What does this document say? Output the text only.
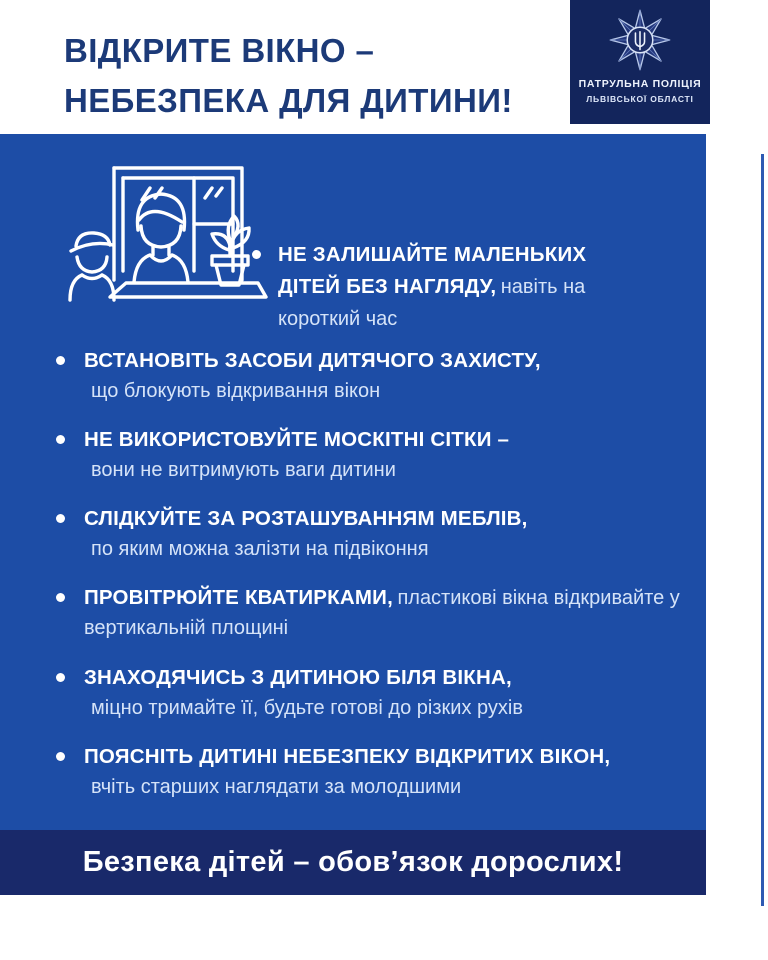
ВІДКРИТЕ ВІКНО –
НЕБЕЗПЕКА ДЛЯ ДИТИНИ!	ПАТРУЛЬНА ПОЛІЦІЯ
ЛЬВІВСЬКОЇ ОБЛАСТІ

НЕ ЗАЛИШАЙТЕ МАЛЕНЬКИХ ДІТЕЙ БЕЗ НАГЛЯДУ, навіть на короткий час

ВСТАНОВІТЬ ЗАСОБИ ДИТЯЧОГО ЗАХИСТУ,
що блокують відкривання вікон

НЕ ВИКОРИСТОВУЙТЕ МОСКІТНІ СІТКИ –
вони не витримують ваги дитини

СЛІДКУЙТЕ ЗА РОЗТАШУВАННЯМ МЕБЛІВ,
по яким можна залізти на підвіконня

ПРОВІТРЮЙТЕ КВАТИРКАМИ, пластикові вікна відкривайте у вертикальній площині

ЗНАХОДЯЧИСЬ З ДИТИНОЮ БІЛЯ ВІКНА,
міцно тримайте її, будьте готові до різких рухів

ПОЯСНІТЬ ДИТИНІ НЕБЕЗПЕКУ ВІДКРИТИХ ВІКОН,
вчіть старших наглядати за молодшими

Безпека дітей – обов’язок дорослих!
